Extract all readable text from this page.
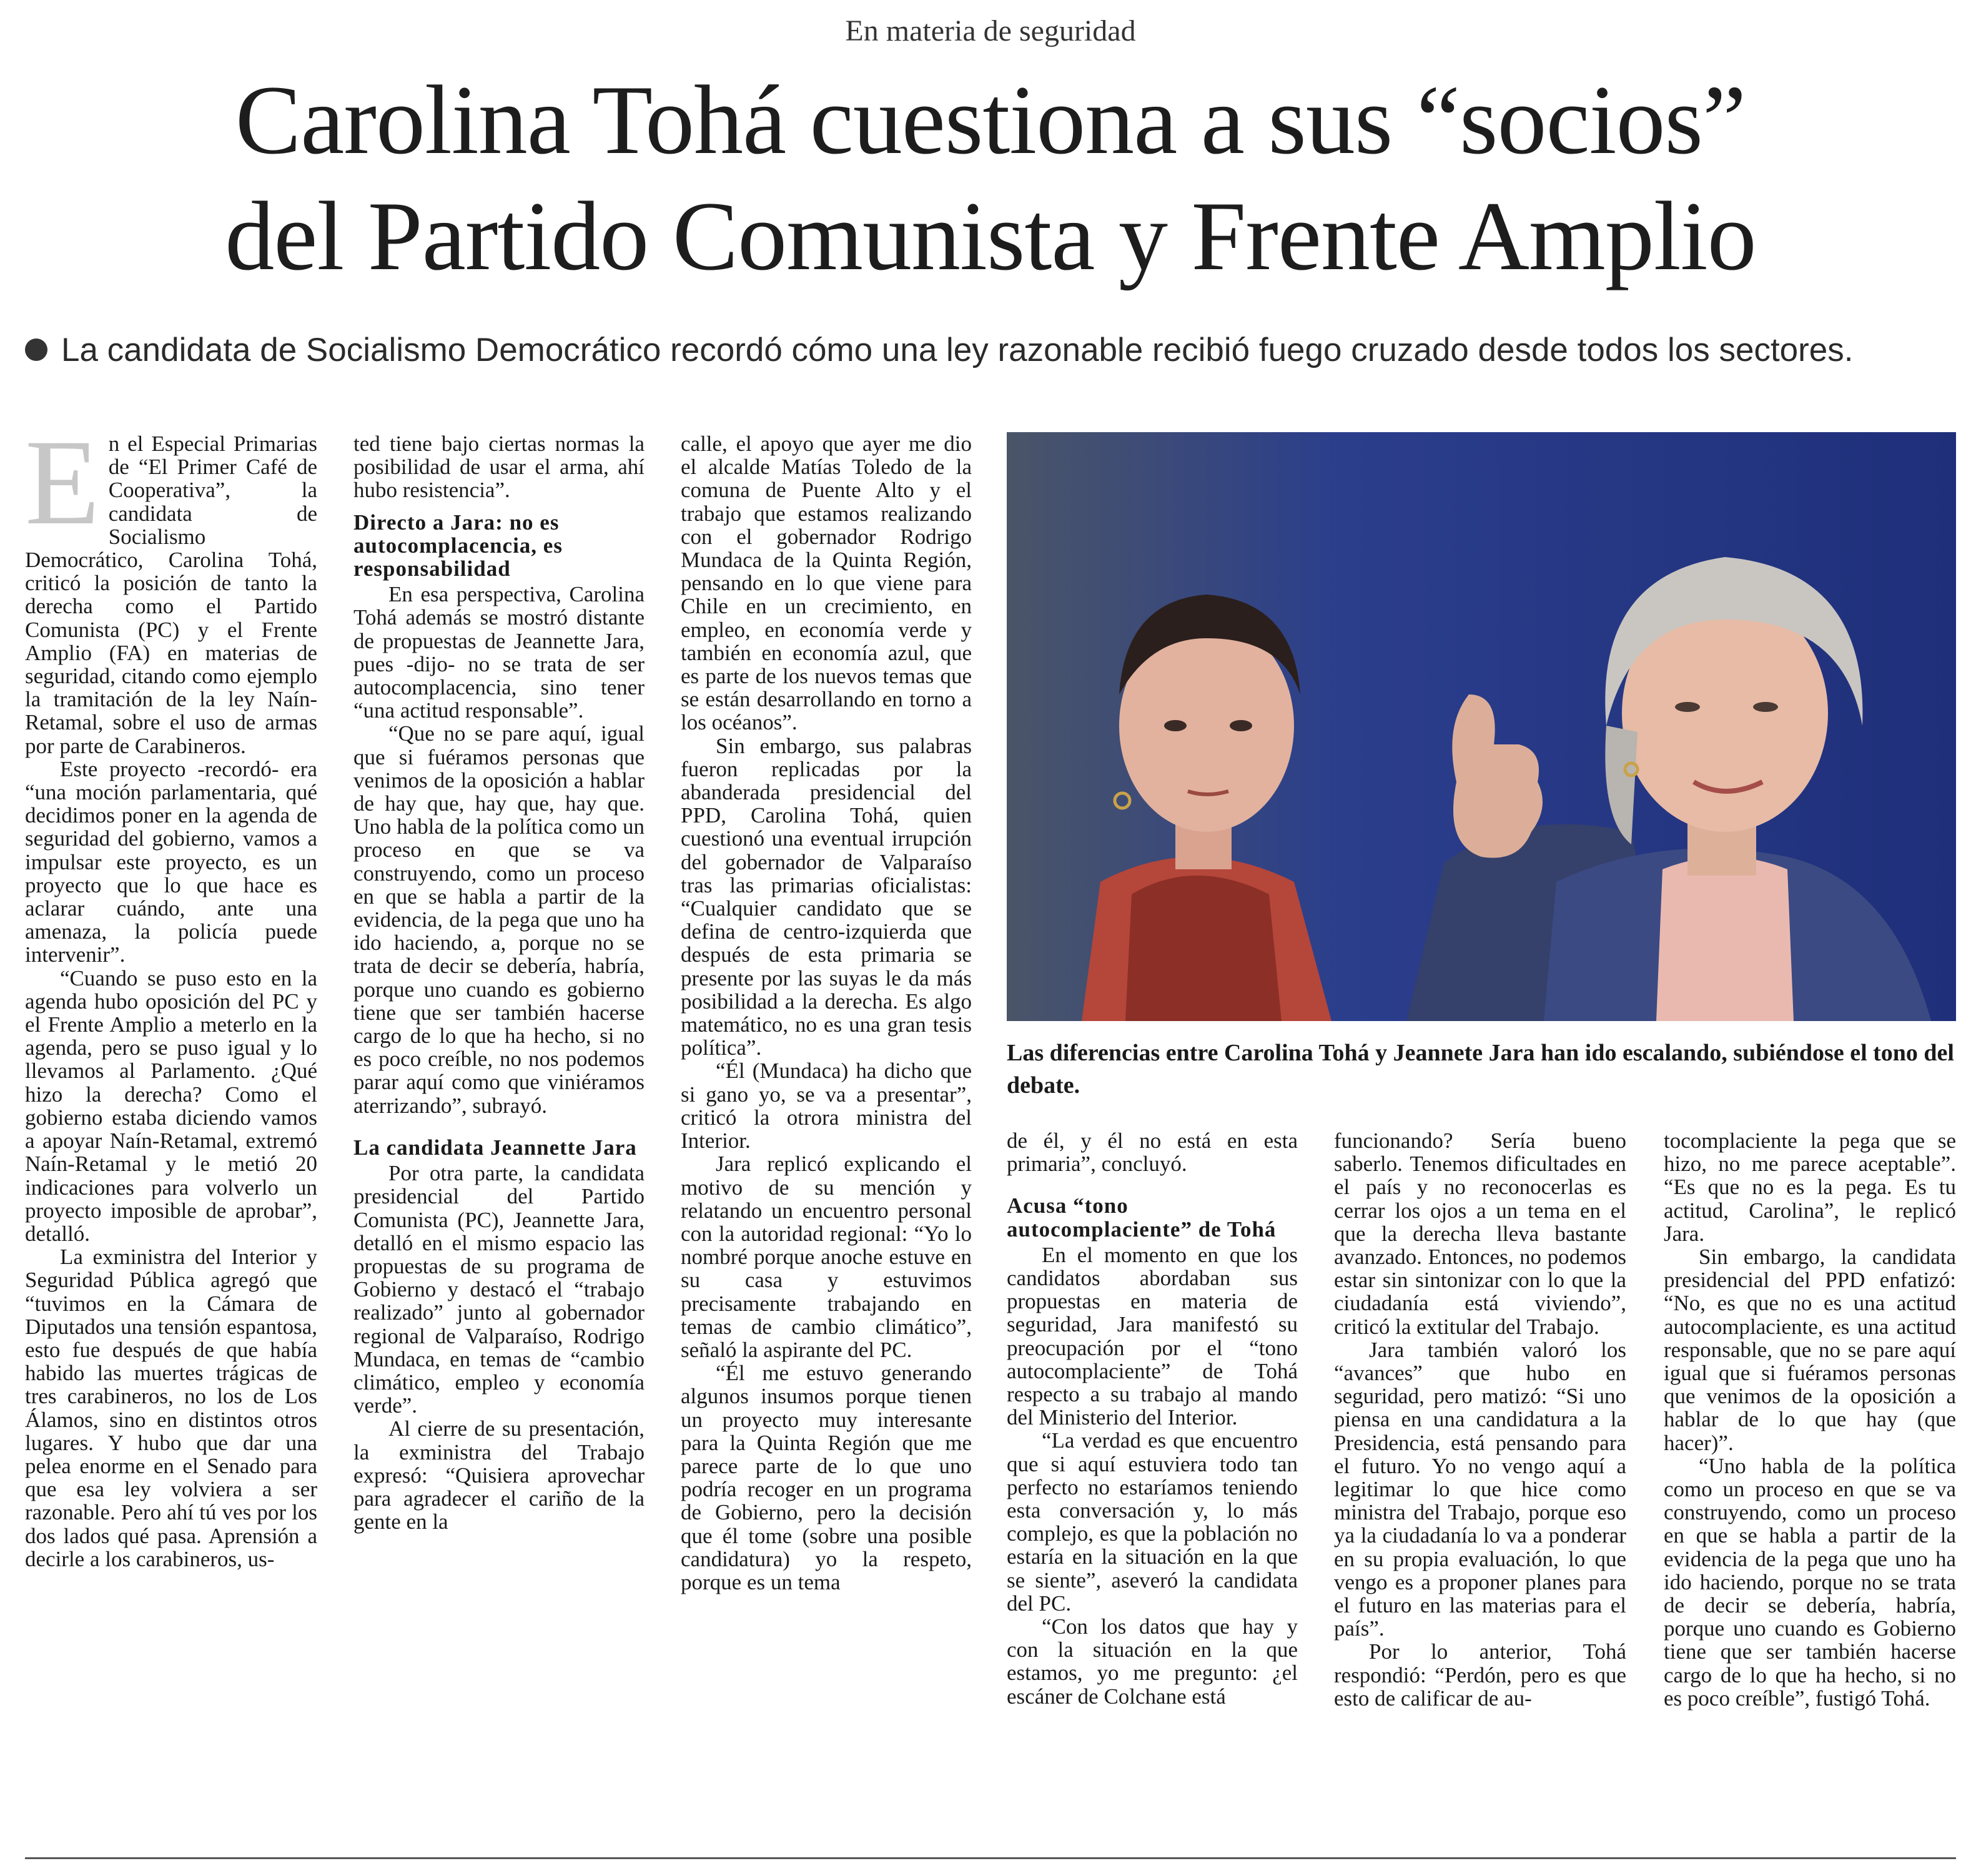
En materia de seguridad
Carolina Tohá cuestiona a sus “socios”
del Partido Comunista y Frente Amplio
La candidata de Socialismo Democrático recordó cómo una ley razonable recibió fuego cruzado desde todos los sectores.
E n el Especial Primarias de “El Primer Café de Cooperativa”, la candidata de Socialismo Democrático, Carolina Tohá, criticó la posición de tanto la derecha como el Partido Comunista (PC) y el Frente Amplio (FA) en materias de seguridad, citando como ejemplo la tramitación de la ley Naín-Retamal, sobre el uso de armas por parte de Carabineros.

Este proyecto -recordó- era “una moción parlamentaria, qué decidimos poner en la agenda de seguridad del gobierno, vamos a impulsar este proyecto, es un proyecto que lo que hace es aclarar cuándo, ante una amenaza, la policía puede intervenir”.

“Cuando se puso esto en la agenda hubo oposición del PC y el Frente Amplio a meterlo en la agenda, pero se puso igual y lo llevamos al Parlamento. ¿Qué hizo la derecha? Como el gobierno estaba diciendo vamos a apoyar Naín-Retamal, extremó Naín-Retamal y le metió 20 indicaciones para volverlo un proyecto imposible de aprobar”, detalló.

La exministra del Interior y Seguridad Pública agregó que “tuvimos en la Cámara de Diputados una tensión espantosa, esto fue después de que había habido las muertes trágicas de tres carabineros, no los de Los Álamos, sino en distintos otros lugares. Y hubo que dar una pelea enorme en el Senado para que esa ley volviera a ser razonable. Pero ahí tú ves por los dos lados qué pasa. Aprensión a decirle a los carabineros, us-

ted tiene bajo ciertas normas la posibilidad de usar el arma, ahí hubo resistencia”.

Directo a Jara: no es autocomplacencia, es responsabilidad

En esa perspectiva, Carolina Tohá además se mostró distante de propuestas de Jeannette Jara, pues -dijo- no se trata de ser autocomplacencia, sino tener “una actitud responsable”.

“Que no se pare aquí, igual que si fuéramos personas que venimos de la oposición a hablar de hay que, hay que, hay que. Uno habla de la política como un proceso en que se va construyendo, como un proceso en que se habla a partir de la evidencia, de la pega que uno ha ido haciendo, a, porque no se trata de decir se debería, habría, porque uno cuando es gobierno tiene que ser también hacerse cargo de lo que ha hecho, si no es poco creíble, no nos podemos parar aquí como que viniéramos aterrizando”, subrayó.

La candidata Jeannette Jara

Por otra parte, la candidata presidencial del Partido Comunista (PC), Jeannette Jara, detalló en el mismo espacio las propuestas de su programa de Gobierno y destacó el “trabajo realizado” junto al gobernador regional de Valparaíso, Rodrigo Mundaca, en temas de “cambio climático, empleo y economía verde”.

Al cierre de su presentación, la exministra del Trabajo expresó: “Quisiera aprovechar para agradecer el cariño de la gente en la

calle, el apoyo que ayer me dio el alcalde Matías Toledo de la comuna de Puente Alto y el trabajo que estamos realizando con el gobernador Rodrigo Mundaca de la Quinta Región, pensando en lo que viene para Chile en un crecimiento, en empleo, en economía verde y también en economía azul, que es parte de los nuevos temas que se están desarrollando en torno a los océanos”.

Sin embargo, sus palabras fueron replicadas por la abanderada presidencial del PPD, Carolina Tohá, quien cuestionó una eventual irrupción del gobernador de Valparaíso tras las primarias oficialistas: “Cualquier candidato que se defina de centro-izquierda que después de esta primaria se presente por las suyas le da más posibilidad a la derecha. Es algo matemático, no es una gran tesis política”.

“Él (Mundaca) ha dicho que si gano yo, se va a presentar”, criticó la otrora ministra del Interior.

Jara replicó explicando el motivo de su mención y relatando un encuentro personal con la autoridad regional: “Yo lo nombré porque anoche estuve en su casa y estuvimos precisamente trabajando en temas de cambio climático”, señaló la aspirante del PC.

“Él me estuvo generando algunos insumos porque tienen un proyecto muy interesante para la Quinta Región que me parece parte de lo que uno podría recoger en un programa de Gobierno, pero la decisión que él tome (sobre una posible candidatura) yo la respeto, porque es un tema

Las diferencias entre Carolina Tohá y Jeannete Jara han ido escalando, subiéndose el tono del debate.

de él, y él no está en esta primaria”, concluyó.

Acusa “tono autocomplaciente” de Tohá

En el momento en que los candidatos abordaban sus propuestas en materia de seguridad, Jara manifestó su preocupación por el “tono autocomplaciente” de Tohá respecto a su trabajo al mando del Ministerio del Interior.

“La verdad es que encuentro que si aquí estuviera todo tan perfecto no estaríamos teniendo esta conversación y, lo más complejo, es que la población no estaría en la situación en la que se siente”, aseveró la candidata del PC.

“Con los datos que hay y con la situación en la que estamos, yo me pregunto: ¿el escáner de Colchane está

funcionando? Sería bueno saberlo. Tenemos dificultades en el país y no reconocerlas es cerrar los ojos a un tema en el que la derecha lleva bastante avanzado. Entonces, no podemos estar sin sintonizar con lo que la ciudadanía está viviendo”, criticó la extitular del Trabajo.

Jara también valoró los “avances” que hubo en seguridad, pero matizó: “Si uno piensa en una candidatura a la Presidencia, está pensando para el futuro. Yo no vengo aquí a legitimar lo que hice como ministra del Trabajo, porque eso ya la ciudadanía lo va a ponderar en su propia evaluación, lo que vengo es a proponer planes para el futuro en las materias para el país”.

Por lo anterior, Tohá respondió: “Perdón, pero es que esto de calificar de au-

tocomplaciente la pega que se hizo, no me parece aceptable”. “Es que no es la pega. Es tu actitud, Carolina”, le replicó Jara.

Sin embargo, la candidata presidencial del PPD enfatizó: “No, es que no es una actitud autocomplaciente, es una actitud responsable, que no se pare aquí igual que si fuéramos personas que venimos de la oposición a hablar de lo que hay (que hacer)”.

“Uno habla de la política como un proceso en que se va construyendo, como un proceso en que se habla a partir de la evidencia de la pega que uno ha ido haciendo, porque no se trata de decir se debería, habría, porque uno cuando es Gobierno tiene que ser también hacerse cargo de lo que ha hecho, si no es poco creíble”, fustigó Tohá.
